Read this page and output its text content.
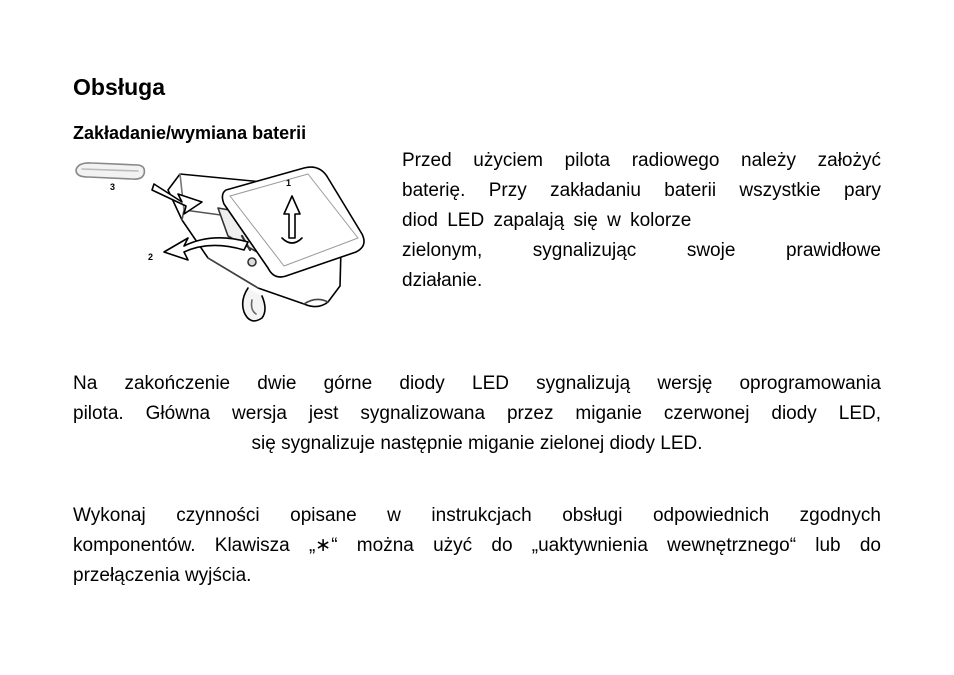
Obsługa
Zakładanie/wymiana baterii
3	1
2
Przed użyciem pilota radiowego należy założyć
baterię. Przy zakładaniu baterii wszystkie pary
diod LED zapalają się w kolorze
zielonym, sygnalizując swoje prawidłowe
działanie.
Na zakończenie dwie górne diody LED sygnalizują wersję oprogramowania
pilota. Główna wersja jest sygnalizowana przez miganie czerwonej diody LED,
się sygnalizuje następnie miganie zielonej diody LED.
Wykonaj czynności opisane w instrukcjach obsługi odpowiednich zgodnych
komponentów. Klawisza „∗“ można użyć do „uaktywnienia wewnętrznego“ lub do
przełączenia wyjścia.
